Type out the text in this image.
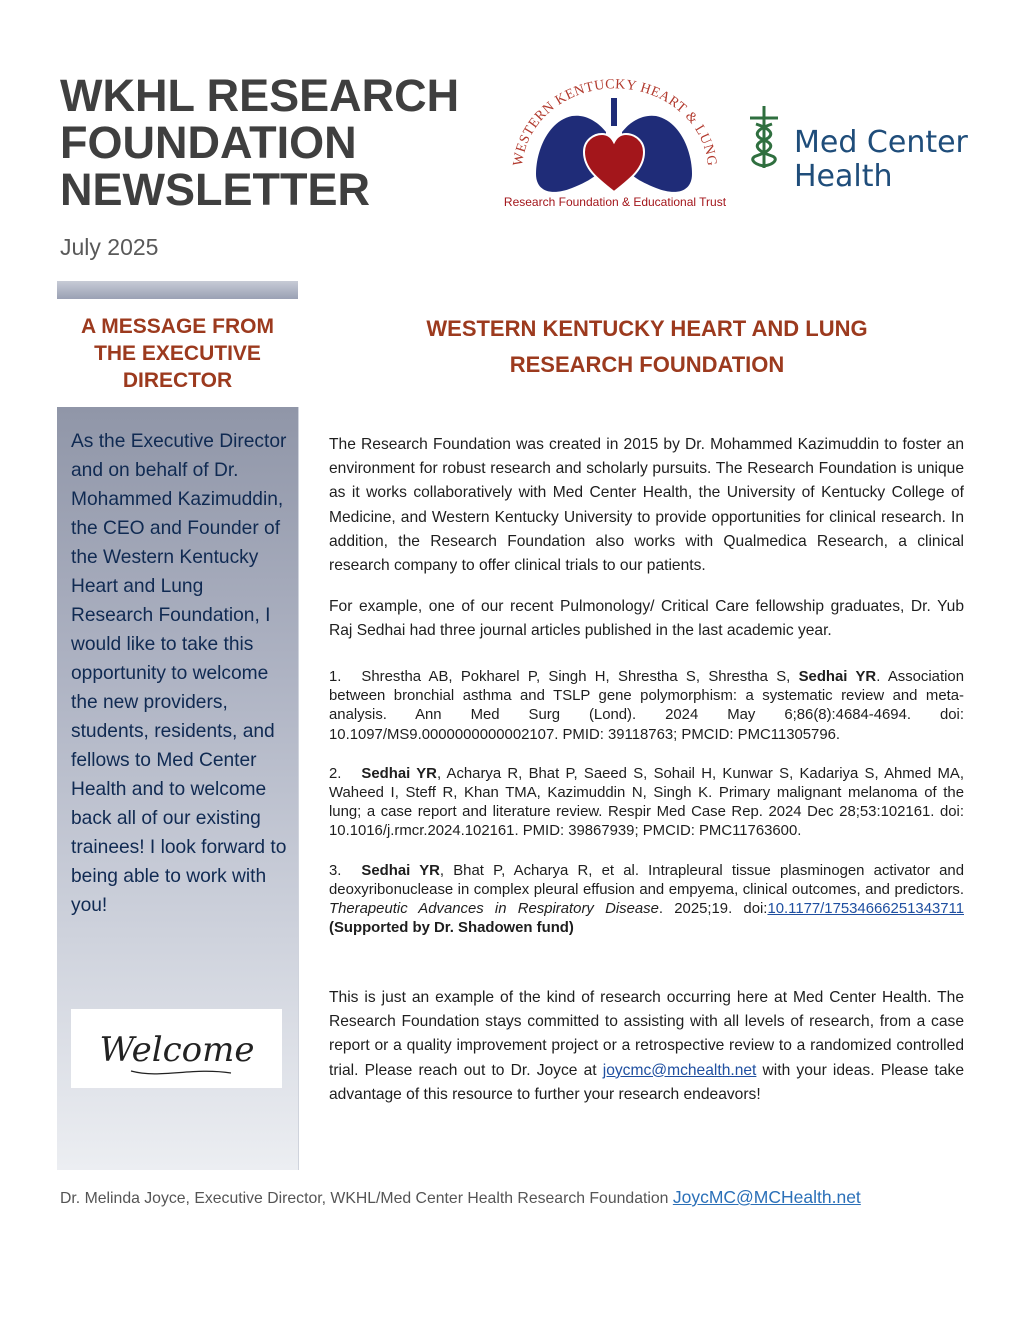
WKHL RESEARCH
FOUNDATION
NEWSLETTER
July 2025
WESTERN KENTUCKY HEART & LUNG
Research Foundation & Educational Trust
Med Center
Health
A MESSAGE FROM
THE EXECUTIVE
DIRECTOR
As the Executive Director and on behalf of Dr. Mohammed Kazimuddin, the CEO and Founder of the Western Kentucky Heart and Lung Research Foundation, I would like to take this opportunity to welcome the new providers, students, residents, and fellows to Med Center Health and to welcome back all of our existing trainees! I look forward to being able to work with you!
Welcome
WESTERN KENTUCKY HEART AND LUNG
RESEARCH FOUNDATION

The Research Foundation was created in 2015 by Dr. Mohammed Kazimuddin to foster an environment for robust research and scholarly pursuits. The Research Foundation is unique as it works collaboratively with Med Center Health, the University of Kentucky College of Medicine, and Western Kentucky University to provide opportunities for clinical research. In addition, the Research Foundation also works with Qualmedica Research, a clinical research company to offer clinical trials to our patients.

For example, one of our recent Pulmonology/ Critical Care fellowship graduates, Dr. Yub Raj Sedhai had three journal articles published in the last academic year.

1. Shrestha AB, Pokharel P, Singh H, Shrestha S, Shrestha S, Sedhai YR. Association between bronchial asthma and TSLP gene polymorphism: a systematic review and meta-analysis. Ann Med Surg (Lond). 2024 May 6;86(8):4684-4694. doi: 10.1097/MS9.0000000000002107. PMID: 39118763; PMCID: PMC11305796.

2. Sedhai YR, Acharya R, Bhat P, Saeed S, Sohail H, Kunwar S, Kadariya S, Ahmed MA, Waheed I, Steff R, Khan TMA, Kazimuddin N, Singh K. Primary malignant melanoma of the lung; a case report and literature review. Respir Med Case Rep. 2024 Dec 28;53:102161. doi: 10.1016/j.rmcr.2024.102161. PMID: 39867939; PMCID: PMC11763600.

3. Sedhai YR, Bhat P, Acharya R, et al. Intrapleural tissue plasminogen activator and deoxyribonuclease in complex pleural effusion and empyema, clinical outcomes, and predictors. Therapeutic Advances in Respiratory Disease. 2025;19. doi:10.1177/17534666251343711 (Supported by Dr. Shadowen fund)

This is just an example of the kind of research occurring here at Med Center Health. The Research Foundation stays committed to assisting with all levels of research, from a case report or a quality improvement project or a retrospective review to a randomized controlled trial. Please reach out to Dr. Joyce at joycmc@mchealth.net with your ideas. Please take advantage of this resource to further your research endeavors!

Dr. Melinda Joyce, Executive Director, WKHL/Med Center Health Research Foundation JoycMC@MCHealth.net
